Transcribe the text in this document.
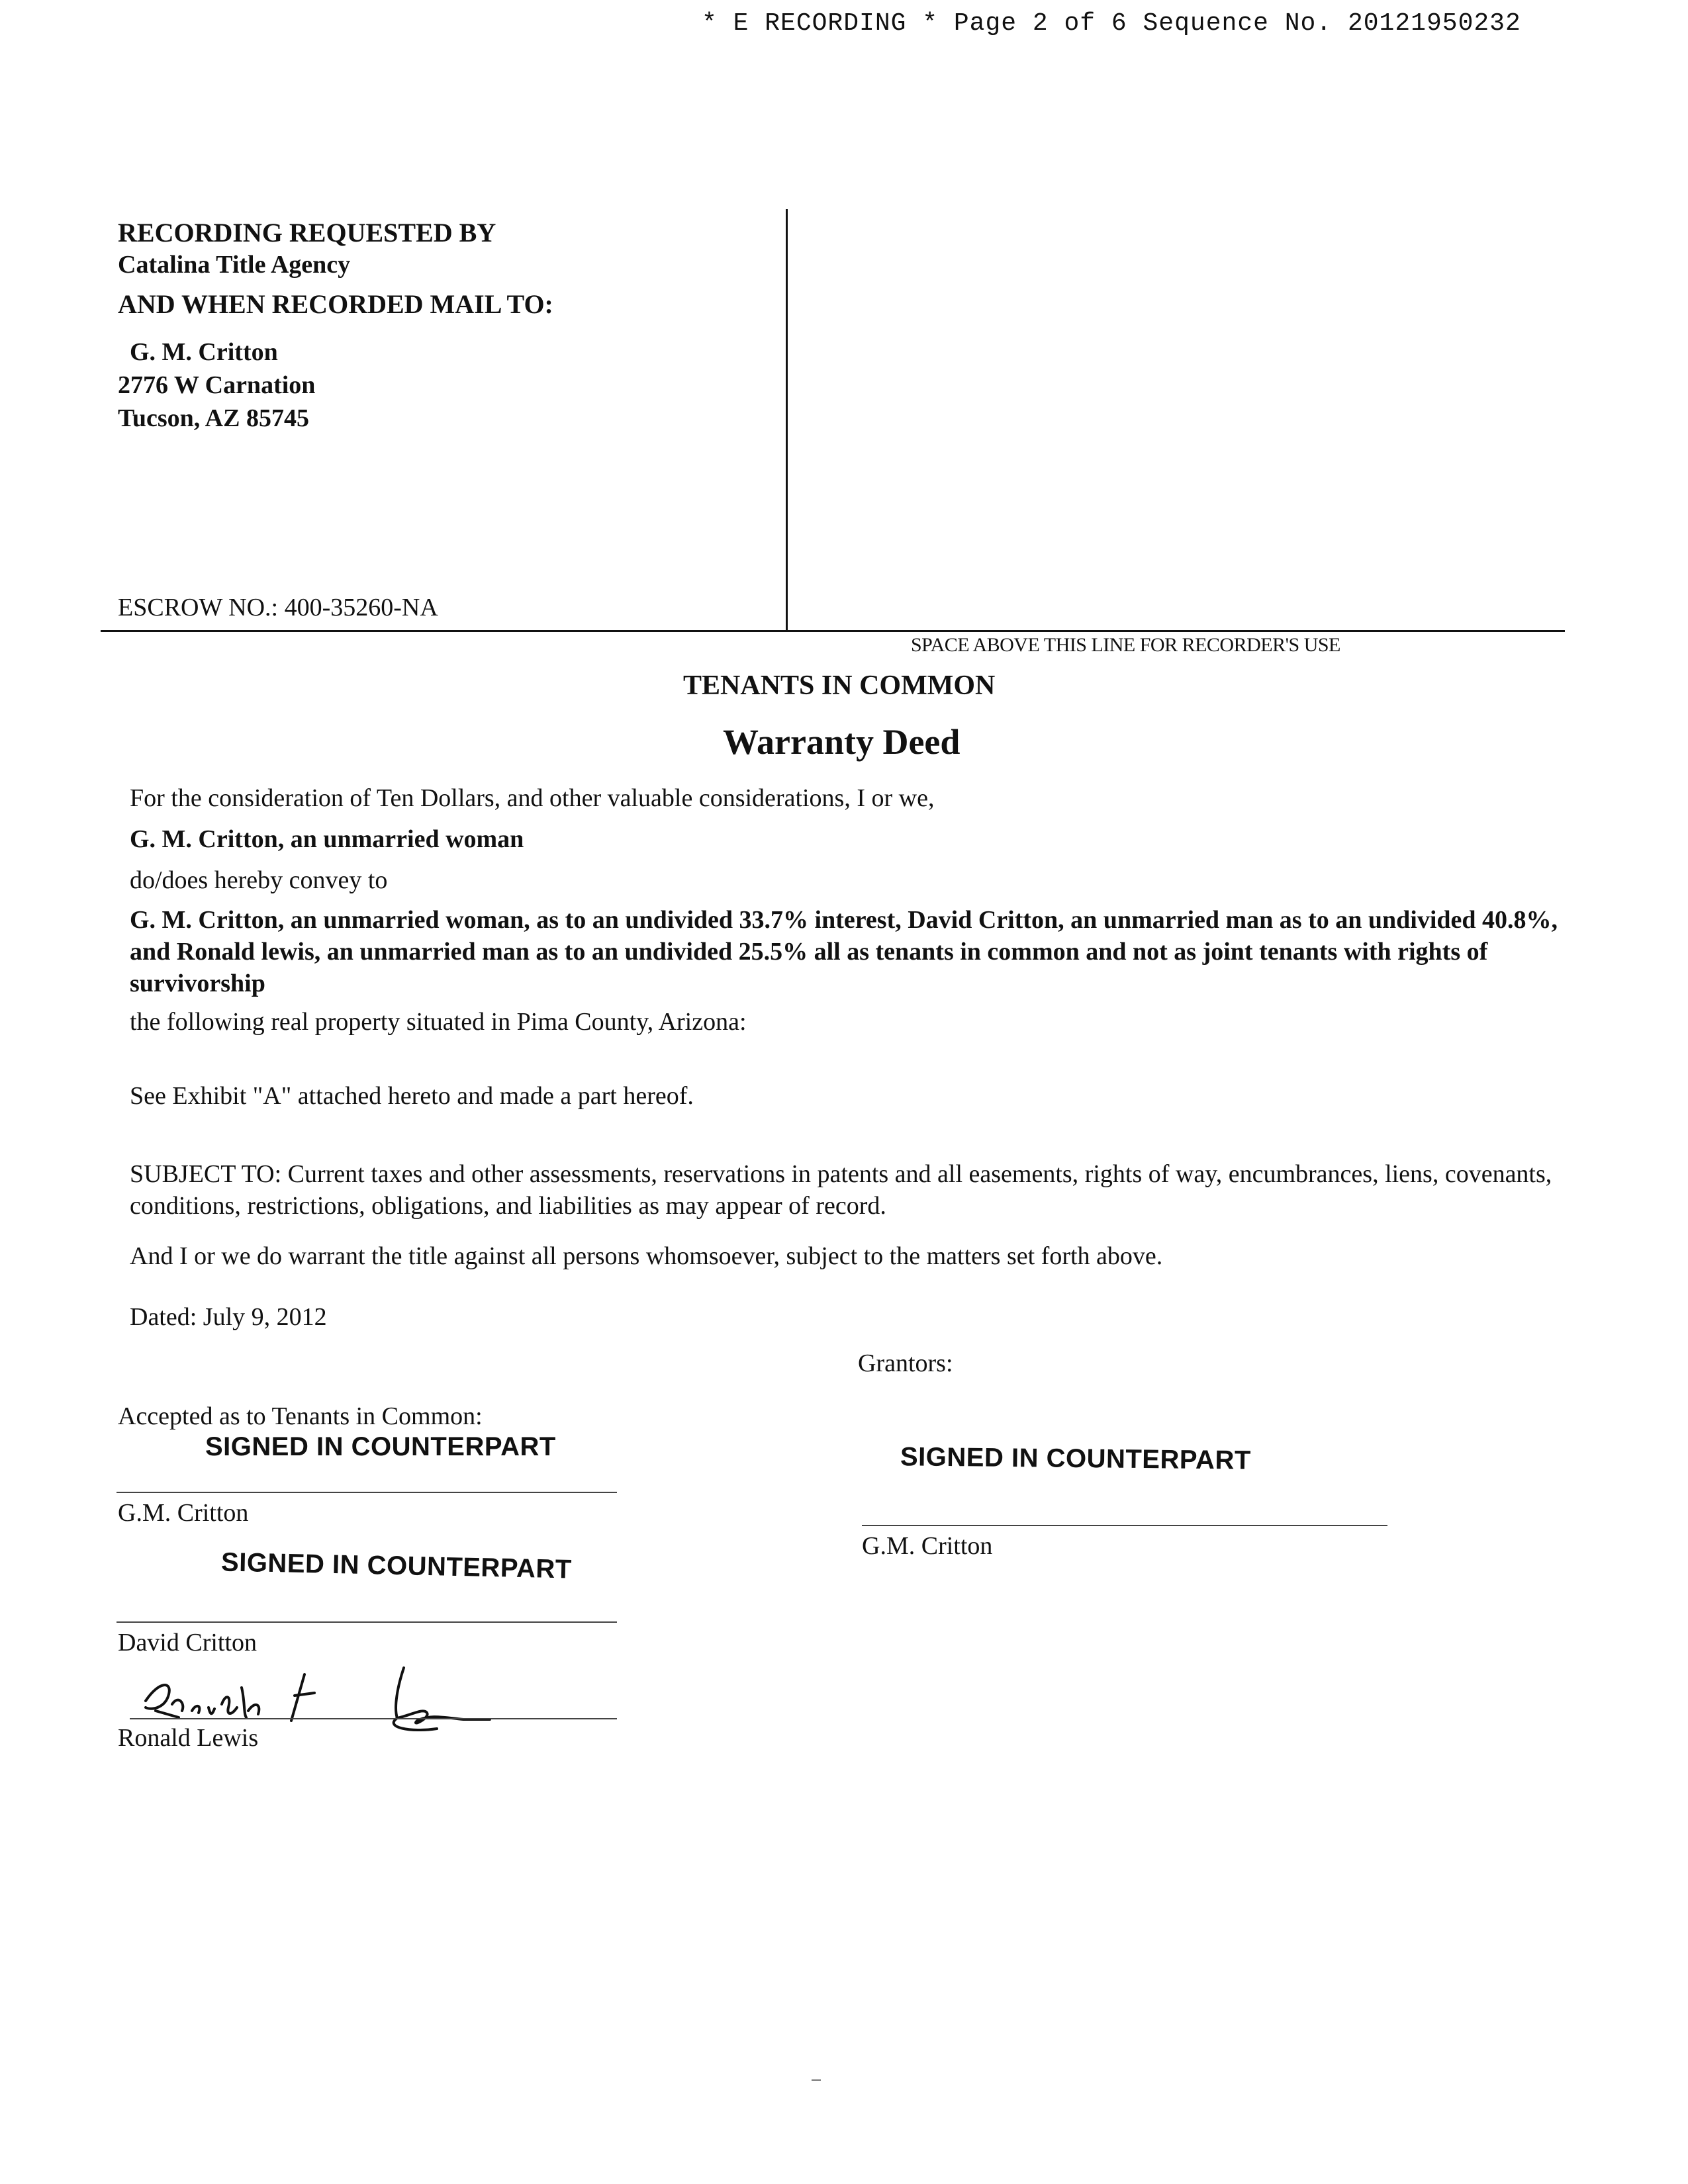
* E RECORDING * Page 2 of 6 Sequence No. 20121950232
RECORDING REQUESTED BY
Catalina Title Agency
AND WHEN RECORDED MAIL TO:
G. M. Critton
2776 W Carnation
Tucson, AZ 85745
ESCROW NO.: 400-35260-NA
SPACE ABOVE THIS LINE FOR RECORDER'S USE
TENANTS IN COMMON
Warranty Deed
For the consideration of Ten Dollars, and other valuable considerations, I or we,
G. M. Critton, an unmarried woman
do/does hereby convey to
G. M. Critton, an unmarried woman, as to an undivided 33.7% interest, David Critton, an unmarried man as to an undivided 40.8%, and Ronald lewis, an unmarried man as to an undivided 25.5% all as tenants in common and not as joint tenants with rights of survivorship
the following real property situated in Pima County, Arizona:
See Exhibit "A" attached hereto and made a part hereof.
SUBJECT TO: Current taxes and other assessments, reservations in patents and all easements, rights of way, encumbrances, liens, covenants, conditions, restrictions, obligations, and liabilities as may appear of record.
And I or we do warrant the title against all persons whomsoever, subject to the matters set forth above.
Dated: July 9, 2012
Grantors:
Accepted as to Tenants in Common:
SIGNED IN COUNTERPART
G.M. Critton
SIGNED IN COUNTERPART
G.M. Critton
SIGNED IN COUNTERPART
David Critton
Ronald Lewis
